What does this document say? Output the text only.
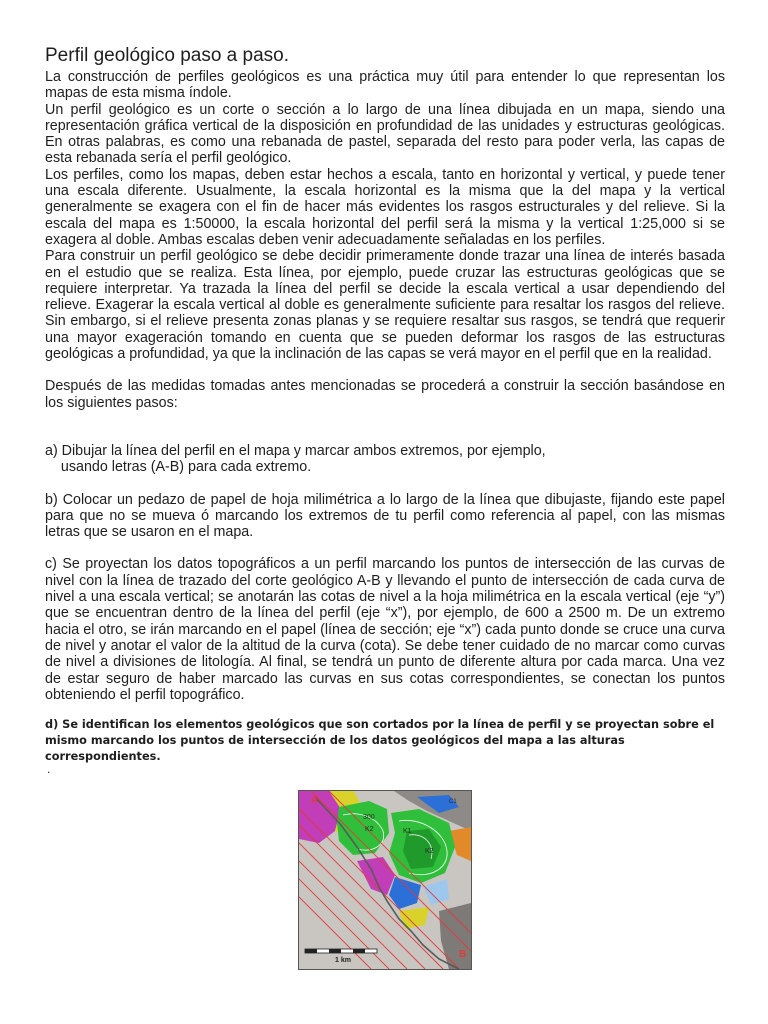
Perfil geológico paso a paso.

La construcción de perfiles geológicos es una práctica muy útil para entender lo que representan los mapas de esta misma índole.

Un perfil geológico es un corte o sección a lo largo de una línea dibujada en un mapa, siendo una representación gráfica vertical de la disposición en profundidad de las unidades y estructuras geológicas. En otras palabras, es como una rebanada de pastel, separada del resto para poder verla, las capas de esta rebanada sería el perfil geológico.

Los perfiles, como los mapas, deben estar hechos a escala, tanto en horizontal y vertical, y puede tener una escala diferente. Usualmente, la escala horizontal es la misma que la del mapa y la vertical generalmente se exagera con el fin de hacer más evidentes los rasgos estructurales y del relieve. Si la escala del mapa es 1:50000, la escala horizontal del perfil será la misma y la vertical 1:25,000 si se exagera al doble. Ambas escalas deben venir adecuadamente señaladas en los perfiles.

Para construir un perfil geológico se debe decidir primeramente donde trazar una línea de interés basada en el estudio que se realiza. Esta línea, por ejemplo, puede cruzar las estructuras geológicas que se requiere interpretar. Ya trazada la línea del perfil se decide la escala vertical a usar dependiendo del relieve. Exagerar la escala vertical al doble es generalmente suficiente para resaltar los rasgos del relieve. Sin embargo, si el relieve presenta zonas planas y se requiere resaltar sus rasgos, se tendrá que requerir una mayor exageración tomando en cuenta que se pueden deformar los rasgos de las estructuras geológicas a profundidad, ya que la inclinación de las capas se verá mayor en el perfil que en la realidad.

Después de las medidas tomadas antes mencionadas se procederá a construir la sección basándose en los siguientes pasos:

a) Dibujar la línea del perfil en el mapa y marcar ambos extremos, por ejemplo,

usando letras (A-B) para cada extremo.

b) Colocar un pedazo de papel de hoja milimétrica a lo largo de la línea que dibujaste, fijando este papel para que no se mueva ó marcando los extremos de tu perfil como referencia al papel, con las mismas letras que se usaron en el mapa.

c) Se proyectan los datos topográficos a un perfil marcando los puntos de intersección de las curvas de nivel con la línea de trazado del corte geológico A-B y llevando el punto de intersección de cada curva de nivel a una escala vertical; se anotarán las cotas de nivel a la hoja milimétrica en la escala vertical (eje “y”) que se encuentran dentro de la línea del perfil (eje “x”), por ejemplo, de 600 a 2500 m. De un extremo hacia el otro, se irán marcando en el papel (línea de sección; eje “x”) cada punto donde se cruce una curva de nivel y anotar el valor de la altitud de la curva (cota). Se debe tener cuidado de no marcar como curvas de nivel a divisiones de litología. Al final, se tendrá un punto de diferente altura por cada marca. Una vez de estar seguro de haber marcado las curvas en sus cotas correspondientes, se conectan los puntos obteniendo el perfil topográfico.

d) Se identifican los elementos geológicos que son cortados por la línea de perfil y se proyectan sobre el mismo marcando los puntos de intersección de los datos geológicos del mapa a las alturas correspondientes.

.
A
B
300
K2	K1
K2
C1
1 km
